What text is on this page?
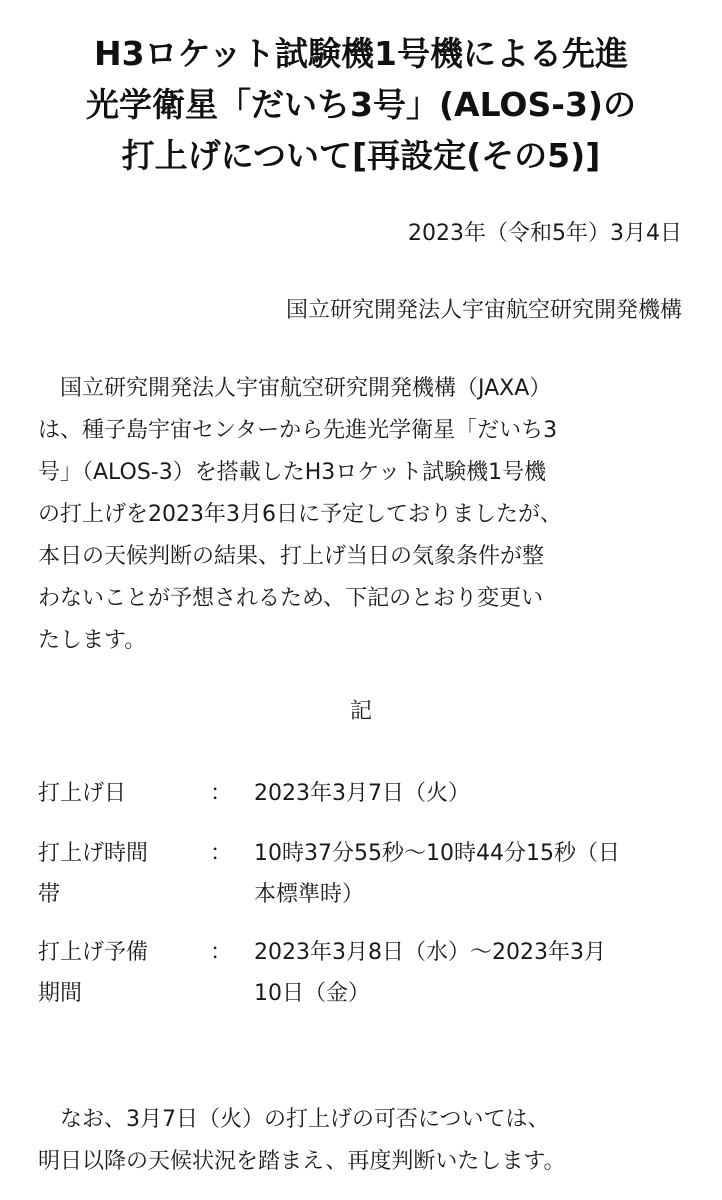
H3ロケット試験機1号機による先進
光学衛星「だいち3号」(ALOS-3)の
打上げについて[再設定(その5)]

2023年（令和5年）3月4日

国立研究開発法人宇宙航空研究開発機構

　国立研究開発法人宇宙航空研究開発機構（JAXA）
は、種子島宇宙センターから先進光学衛星「だいち3
号」（ALOS-3）を搭載したH3ロケット試験機1号機
の打上げを2023年3月6日に予定しておりましたが、
本日の天候判断の結果、打上げ当日の気象条件が整
わないことが予想されるため、下記のとおり変更い
たします。

記

打上げ日	： 2023年3月7日（火）
打上げ時間
帯
： 10時37分55秒～10時44分15秒（日
本標準時）
打上げ予備
期間
： 2023年3月8日（水）～2023年3月
10日（金）

　なお、3月7日（火）の打上げの可否については、
明日以降の天候状況を踏まえ、再度判断いたします。
